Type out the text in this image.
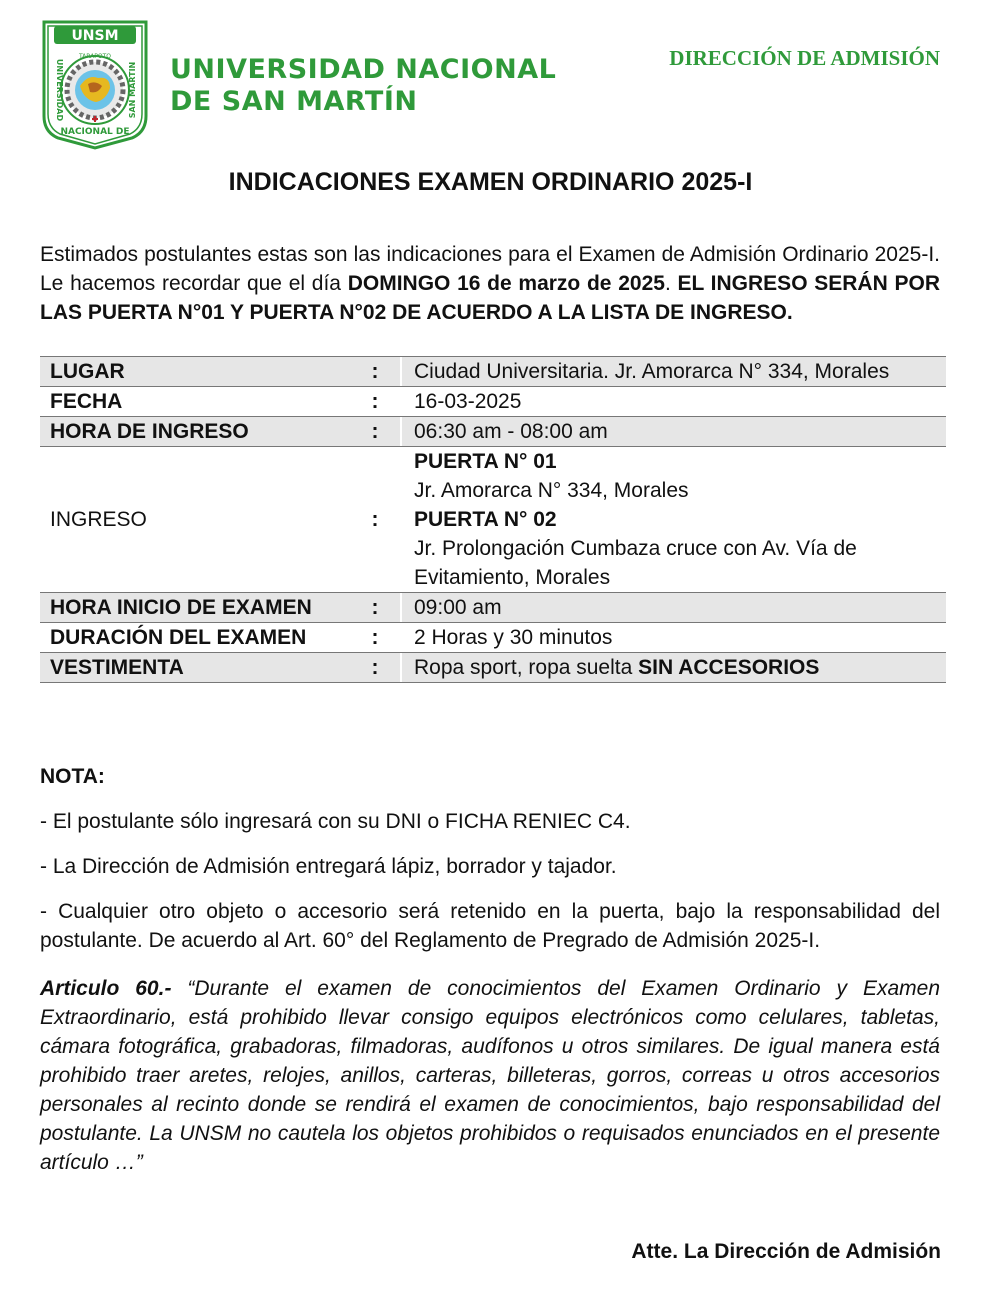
UNSM
TARAPOTO
UNIVERSIDAD	SAN MARTIN
NACIONAL DE
UNIVERSIDAD NACIONAL
DE SAN MARTÍN
DIRECCIÓN DE ADMISIÓN
INDICACIONES EXAMEN ORDINARIO 2025-I
Estimados postulantes estas son las indicaciones para el Examen de Admisión Ordinario 2025-I. Le hacemos recordar que el día DOMINGO 16 de marzo de 2025. EL INGRESO SERÁN POR LAS PUERTA N°01 Y PUERTA N°02 DE ACUERDO A LA LISTA DE INGRESO.
LUGAR	:		Ciudad Universitaria. Jr. Amorarca N° 334, Morales
FECHA	:		16-03-2025
HORA DE INGRESO	:		06:30 am - 08:00 am
INGRESO	:		PUERTA N° 01
Jr. Amorarca N° 334, Morales
PUERTA N° 02
Jr. Prolongación Cumbaza cruce con Av. Vía de Evitamiento, Morales

HORA INICIO DE EXAMEN	:		09:00 am
DURACIÓN DEL EXAMEN	:		2 Horas y 30 minutos
VESTIMENTA	:		Ropa sport, ropa suelta SIN ACCESORIOS

NOTA:

- El postulante sólo ingresará con su DNI o FICHA RENIEC C4.

- La Dirección de Admisión entregará lápiz, borrador y tajador.

- Cualquier otro objeto o accesorio será retenido en la puerta, bajo la responsabilidad del postulante. De acuerdo al Art. 60° del Reglamento de Pregrado de Admisión 2025-I.

Articulo 60.- “Durante el examen de conocimientos del Examen Ordinario y Examen Extraordinario, está prohibido llevar consigo equipos electrónicos como celulares, tabletas, cámara fotográfica, grabadoras, filmadoras, audífonos u otros similares. De igual manera está prohibido traer aretes, relojes, anillos, carteras, billeteras, gorros, correas u otros accesorios personales al recinto donde se rendirá el examen de conocimientos, bajo responsabilidad del postulante. La UNSM no cautela los objetos prohibidos o requisados enunciados en el presente artículo …”
Atte. La Dirección de Admisión
